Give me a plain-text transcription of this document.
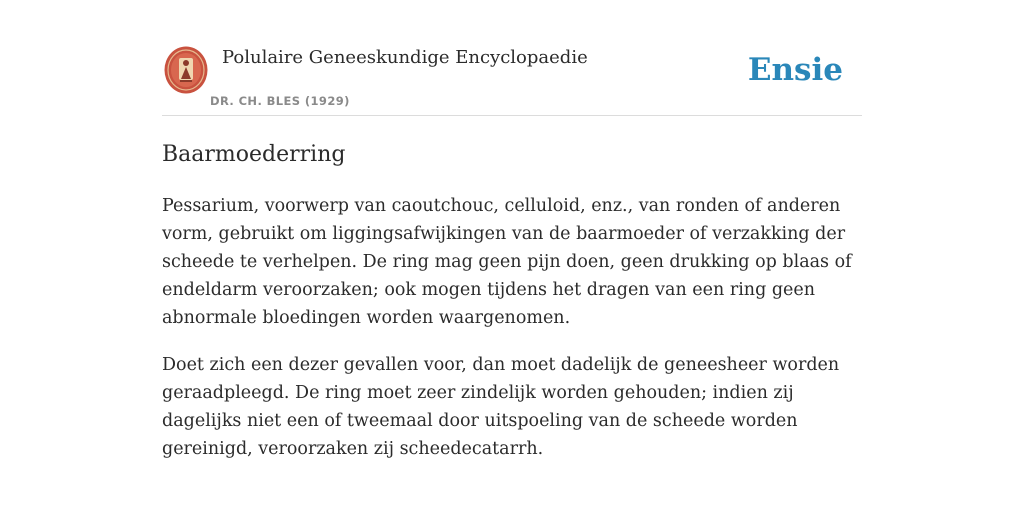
Polulaire Geneeskundige Encyclopaedie
DR. CH. BLES (1929)
Ensie
Baarmoederring

Pessarium, voorwerp van caoutchouc, celluloid, enz., van ronden of anderen vorm, gebruikt om liggingsafwijkingen van de baarmoeder of verzakking der scheede te verhelpen. De ring mag geen pijn doen, geen drukking op blaas of endeldarm veroorzaken; ook mogen tijdens het dragen van een ring geen abnormale bloedingen worden waargenomen.

Doet zich een dezer gevallen voor, dan moet dadelijk de geneesheer worden geraadpleegd. De ring moet zeer zindelijk worden gehouden; indien zij dagelijks niet een of tweemaal door uitspoeling van de scheede worden gereinigd, veroorzaken zij scheedecatarrh.
